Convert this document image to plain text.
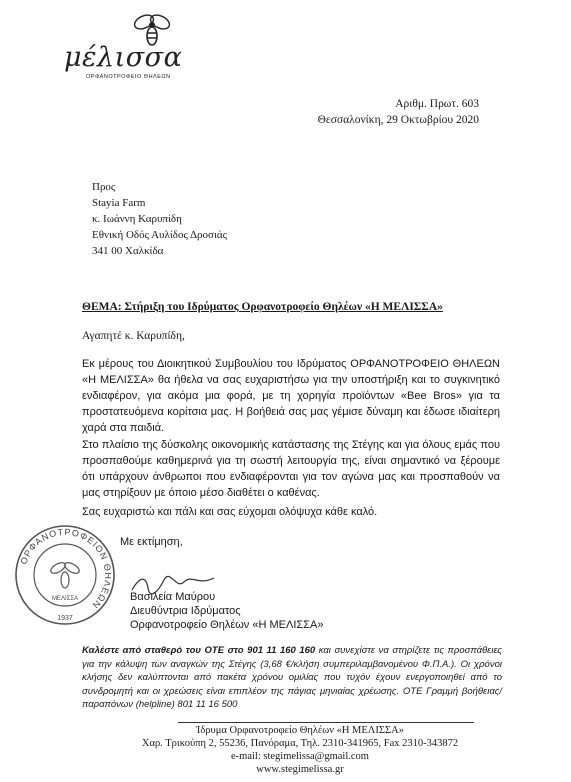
μέλισσα
ΟΡΦΑΝΟΤΡΟΦΕΙΟ ΘΗΛΕΩΝ
Αριθμ. Πρωτ. 603
Θεσσαλονίκη, 29 Οκτωβρίου 2020
Προς
Stayia Farm
κ. Ιωάννη Καρυπίδη
Εθνική Οδός Αυλίδος Δροσιάς
341 00 Χαλκίδα
ΘΕΜΑ: Στήριξη του Ιδρύματος Ορφανοτροφείο Θηλέων «Η ΜΕΛΙΣΣΑ»
Αγαπητέ κ. Καρυπίδη,
Εκ μέρους του Διοικητικού Συμβουλίου του Ιδρύματος ΟΡΦΑΝΟΤΡΟΦΕΙΟ ΘΗΛΕΩΝ «Η ΜΕΛΙΣΣΑ» θα ήθελα να σας ευχαριστήσω για την υποστήριξη και το συγκινητικό ενδιαφέρον, για ακόμα μια φορά, με τη χορηγία προϊόντων «Bee Bros» για τα προστατευόμενα κορίτσια μας. Η βοήθειά σας μας γέμισε δύναμη και έδωσε ιδιαίτερη χαρά στα παιδιά.
Στο πλαίσιο της δύσκολης οικονομικής κατάστασης της Στέγης και για όλους εμάς που προσπαθούμε καθημερινά για τη σωστή λειτουργία της, είναι σημαντικό να ξέρουμε ότι υπάρχουν άνθρωποι που ενδιαφέρονται για τον αγώνα μας και προσπαθούν να μας στηρίξουν με όποιο μέσο διαθέτει ο καθένας.
Σας ευχαριστώ και πάλι και σας εύχομαι ολόψυχα κάθε καλό.
ΟΡΦΑΝΟΤΡΟΦΕΙΟΝ ΘΗΛΕΩΝ
ΜΕΛΙΣΣΑ
1937
Με εκτίμηση,
Βασιλεία Μαύρου
Διευθύντρια Ιδρύματος
Ορφανοτροφείο Θηλέων «Η ΜΕΛΙΣΣΑ»
Καλέστε από σταθερό του ΟΤΕ στο 901 11 160 160 και συνεχίστε να στηρίζετε τις προσπάθειες για την κάλυψη των αναγκών της Στέγης (3,68 €/κλήση συμπεριλαμβανομένου Φ.Π.Α.). Οι χρόνοι κλήσης δεν καλύπτονται από πακέτα χρόνου ομιλίας που τυχόν έχουν ενεργοποιηθεί από το συνδρομητή και οι χρεώσεις είναι επιπλέον της πάγιας μηνιαίας χρέωσης. ΟΤΕ Γραμμή βοήθειας/παραπόνων (helpline) 801 11 16 500
Ίδρυμα Ορφανοτροφείο Θηλέων «Η ΜΕΛΙΣΣΑ»
Χαρ. Τρικούπη 2, 55236, Πανόραμα, Τηλ. 2310-341965, Fax 2310-343872
e-mail: stegimelissa@gmail.com
www.stegimelissa.gr
